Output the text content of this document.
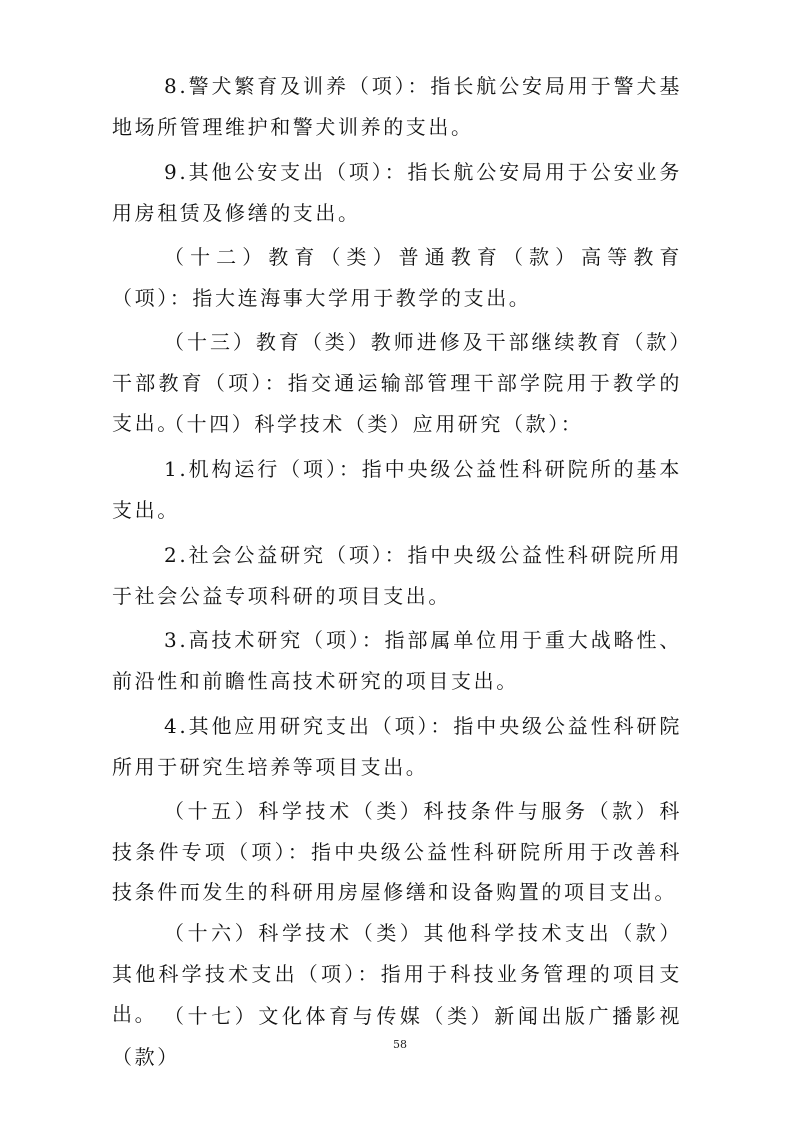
8.警犬繁育及训养（项）：指长航公安局用于警犬基地场所管理维护和警犬训养的支出。

9.其他公安支出（项）：指长航公安局用于公安业务用房租赁及修缮的支出。

（十二）教育（类）普通教育（款）高等教育（项）：指大连海事大学用于教学的支出。

（十三）教育（类）教师进修及干部继续教育（款）干部教育（项）：指交通运输部管理干部学院用于教学的支出。

（十四）科学技术（类）应用研究（款）：

1.机构运行（项）：指中央级公益性科研院所的基本支出。

2.社会公益研究（项）：指中央级公益性科研院所用于社会公益专项科研的项目支出。

3.高技术研究（项）：指部属单位用于重大战略性、前沿性和前瞻性高技术研究的项目支出。

4.其他应用研究支出（项）：指中央级公益性科研院所用于研究生培养等项目支出。

（十五）科学技术（类）科技条件与服务（款）科技条件专项（项）：指中央级公益性科研院所用于改善科技条件而发生的科研用房屋修缮和设备购置的项目支出。

（十六）科学技术（类）其他科学技术支出（款）其他科学技术支出（项）：指用于科技业务管理的项目支出。 （十七）文化体育与传媒（类）新闻出版广播影视（款）

58
